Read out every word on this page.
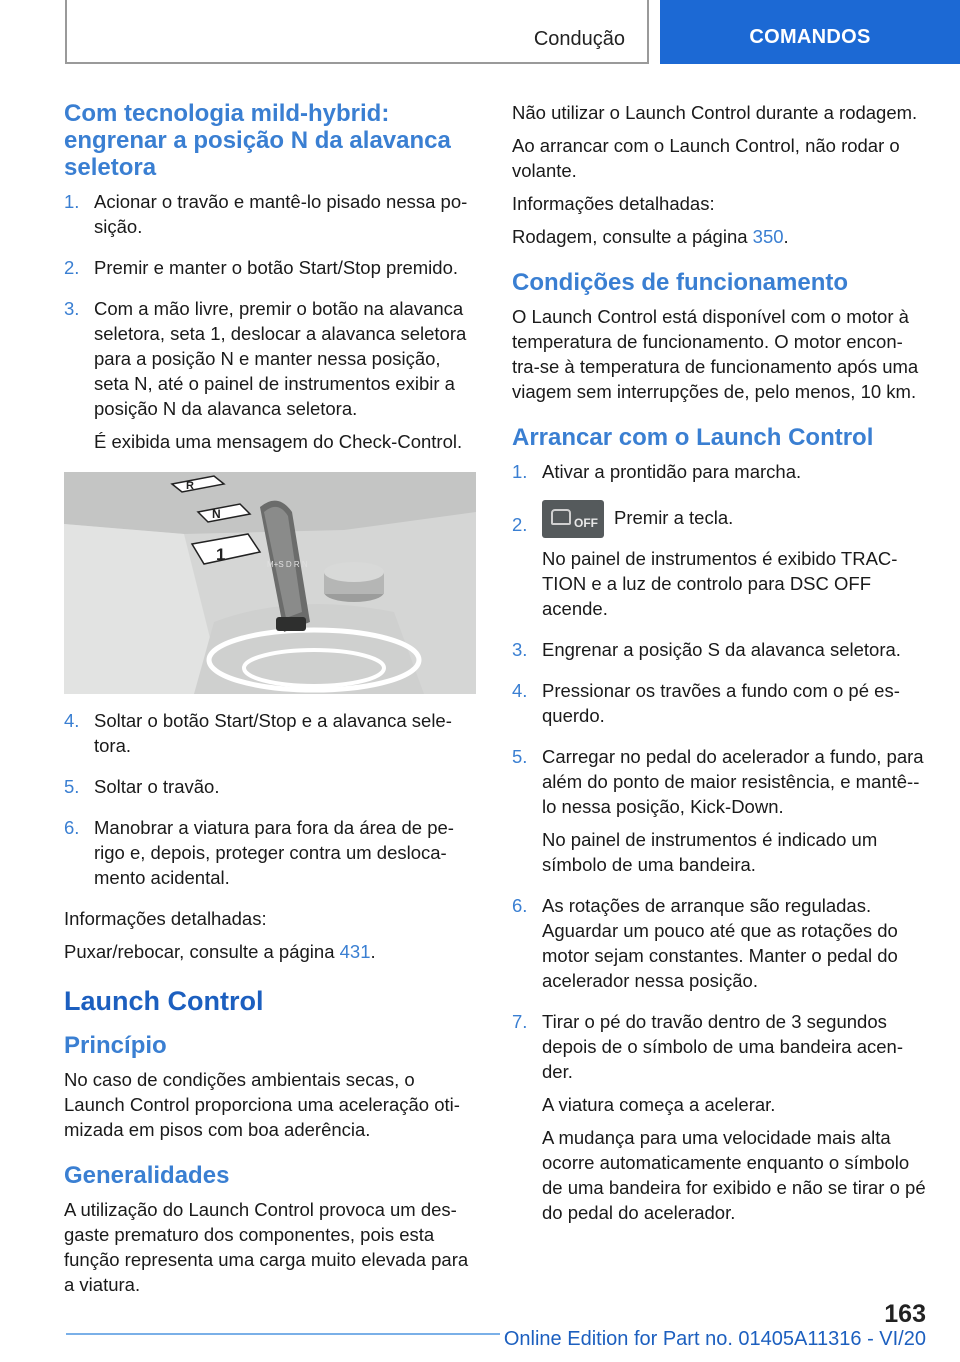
Condução	COMANDOS
Com tecnologia mild-hybrid: engrenar a posição N da alavanca seletora
1. Acionar o travão e mantê-lo pisado nessa po-sição.

2. Premir e manter o botão Start/Stop premido.

3. Com a mão livre, premir o botão na alavanca seletora, seta 1, deslocar a alavanca seletora para a posição N e manter nessa posição, seta N, até o painel de instrumentos exibir a posição N da alavanca seletora.

É exibida uma mensagem do Check-Control.

M+S D R N
R
N
1
4. Soltar o botão Start/Stop e a alavanca sele-tora.

5. Soltar o travão.

6. Manobrar a viatura para fora da área de pe-rigo e, depois, proteger contra um desloca-mento acidental.

Informações detalhadas:

Puxar/rebocar, consulte a página 431.

Launch Control
Princípio

No caso de condições ambientais secas, o Launch Control proporciona uma aceleração oti-mizada em pisos com boa aderência.

Generalidades

A utilização do Launch Control provoca um des-gaste prematuro dos componentes, pois esta função representa uma carga muito elevada para a viatura.

Não utilizar o Launch Control durante a rodagem.

Ao arrancar com o Launch Control, não rodar o volante.

Informações detalhadas:

Rodagem, consulte a página 350.

Condições de funcionamento

O Launch Control está disponível com o motor à temperatura de funcionamento. O motor encon-tra-se à temperatura de funcionamento após uma viagem sem interrupções de, pelo menos, 10 km.

Arrancar com o Launch Control
1. Ativar a prontidão para marcha.

2.	OFF Premir a tecla.

No painel de instrumentos é exibido TRAC-TION e a luz de controlo para DSC OFF acende.

3. Engrenar a posição S da alavanca seletora.

4. Pressionar os travões a fundo com o pé es-querdo.

5. Carregar no pedal do acelerador a fundo, para além do ponto de maior resistência, e mantê--lo nessa posição, Kick-Down.

No painel de instrumentos é indicado um símbolo de uma bandeira.

6. As rotações de arranque são reguladas. Aguardar um pouco até que as rotações do motor sejam constantes. Manter o pedal do acelerador nessa posição.

7. Tirar o pé do travão dentro de 3 segundos depois de o símbolo de uma bandeira acen-der.

A viatura começa a acelerar.

A mudança para uma velocidade mais alta ocorre automaticamente enquanto o símbolo de uma bandeira for exibido e não se tirar o pé do pedal do acelerador.

163
Online Edition for Part no. 01405A11316 - VI/20
